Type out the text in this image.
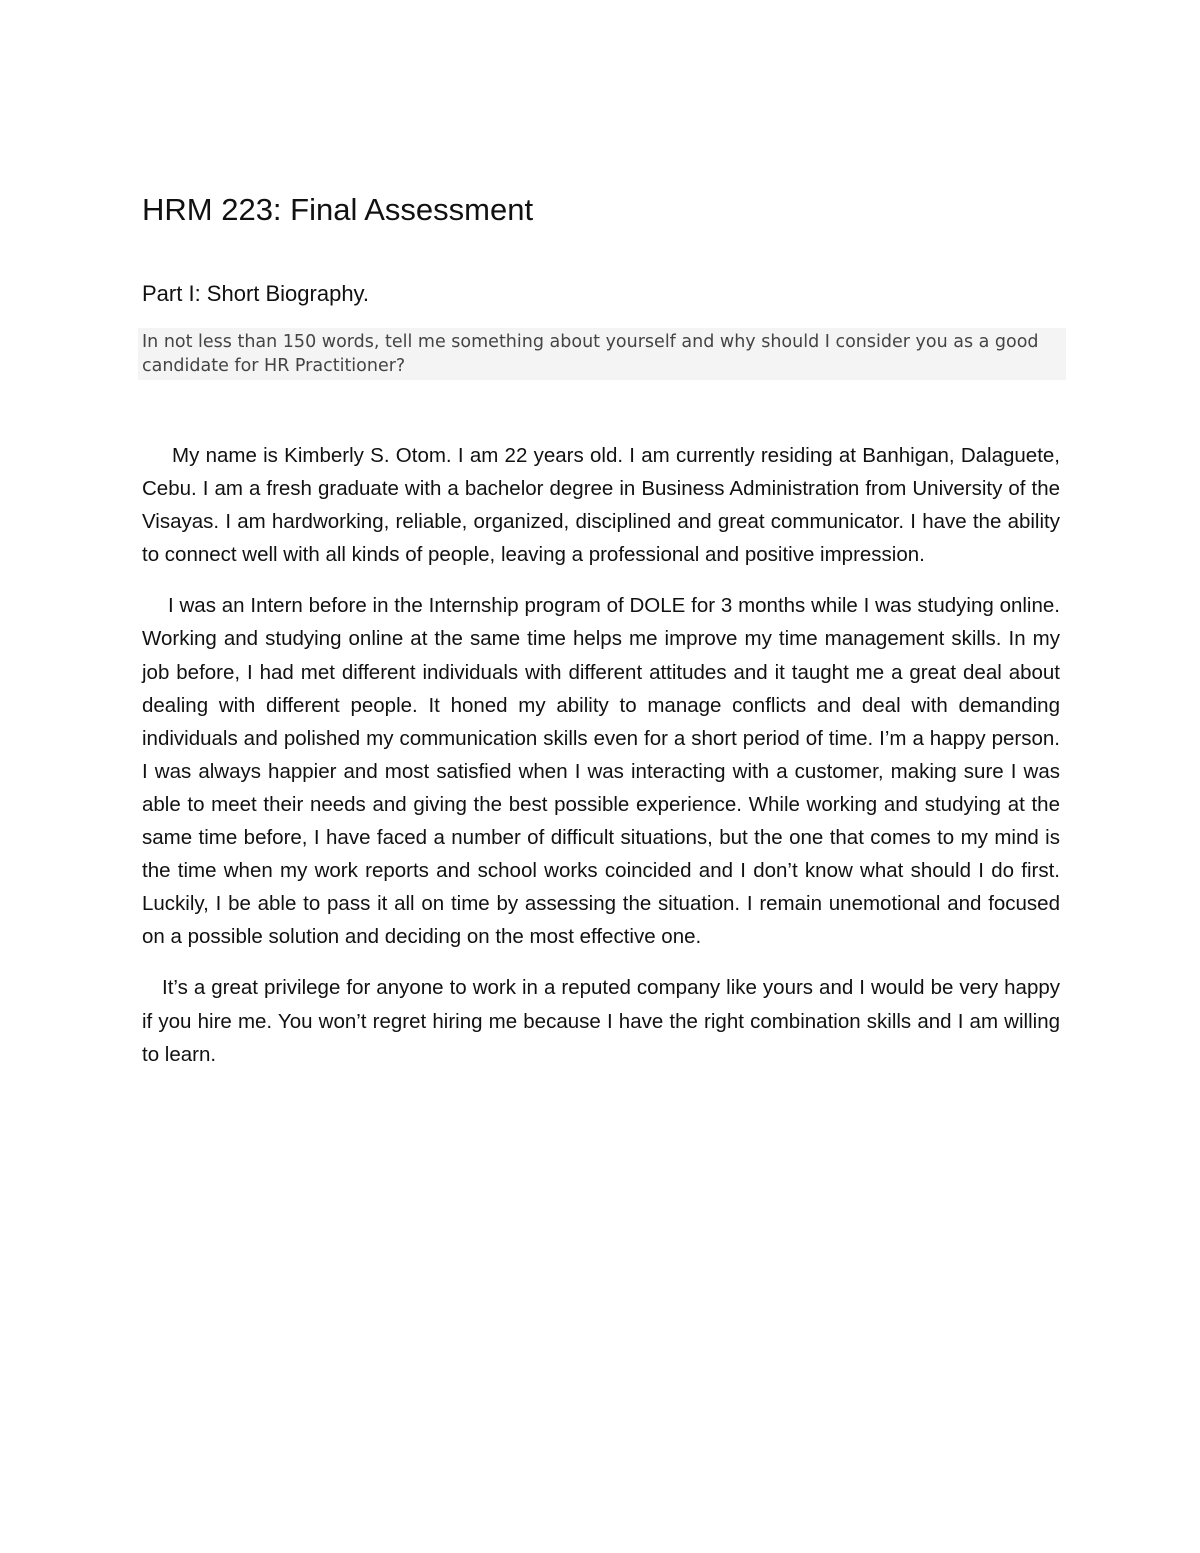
HRM 223: Final Assessment
Part I: Short Biography.
In not less than 150 words, tell me something about yourself and why should I consider you as a good candidate for HR Practitioner?

My name is Kimberly S. Otom. I am 22 years old. I am currently residing at Banhigan, Dalaguete, Cebu. I am a fresh graduate with a bachelor degree in Business Administration from University of the Visayas. I am hardworking, reliable, organized, disciplined and great communicator. I have the ability to connect well with all kinds of people, leaving a professional and positive impression.

I was an Intern before in the Internship program of DOLE for 3 months while I was studying online. Working and studying online at the same time helps me improve my time management skills. In my job before, I had met different individuals with different attitudes and it taught me a great deal about dealing with different people. It honed my ability to manage conflicts and deal with demanding individuals and polished my communication skills even for a short period of time. I’m a happy person. I was always happier and most satisfied when I was interacting with a customer, making sure I was able to meet their needs and giving the best possible experience. While working and studying at the same time before, I have faced a number of difficult situations, but the one that comes to my mind is the time when my work reports and school works coincided and I don’t know what should I do first. Luckily, I be able to pass it all on time by assessing the situation. I remain unemotional and focused on a possible solution and deciding on the most effective one.

It’s a great privilege for anyone to work in a reputed company like yours and I would be very happy if you hire me. You won’t regret hiring me because I have the right combination skills and I am willing to learn.
